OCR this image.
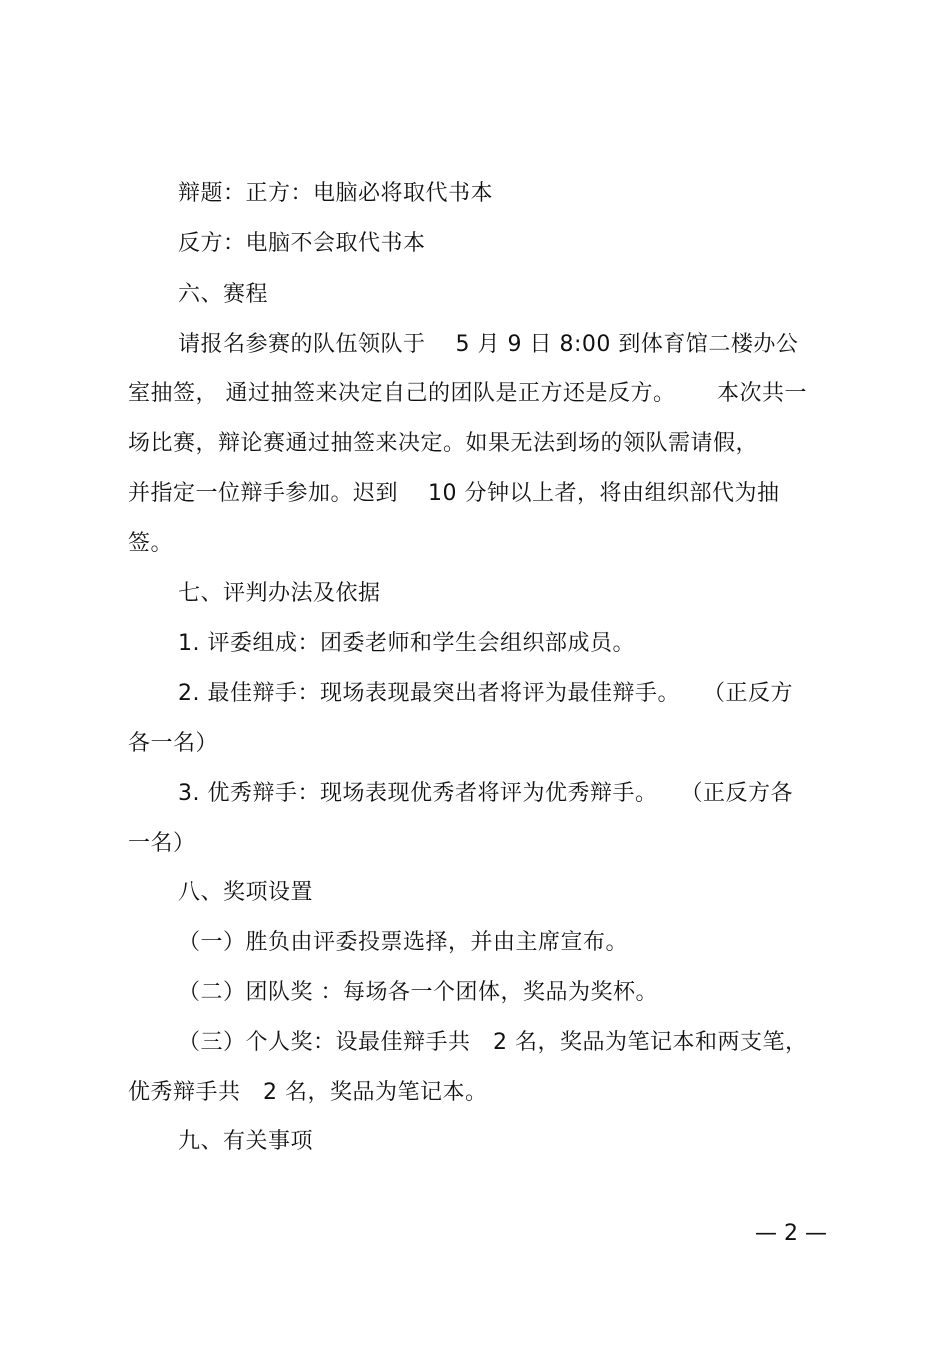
辩题：正方：电脑必将取代书本
反方：电脑不会取代书本
六、赛程
请报名参赛的队伍领队于　 5 月 9 日 8:00 到体育馆二楼办公
室抽签， 通过抽签来决定自己的团队是正方还是反方。　　 本次共一
场比赛，辩论赛通过抽签来决定。如果无法到场的领队需请假，
并指定一位辩手参加。迟到　 10 分钟以上者，将由组织部代为抽
签。
七、评判办法及依据
1. 评委组成：团委老师和学生会组织部成员。
2. 最佳辩手：现场表现最突出者将评为最佳辩手。　　（正反方
各一名）
3. 优秀辩手：现场表现优秀者将评为优秀辩手。　　（正反方各
一名）
八、奖项设置
（一）胜负由评委投票选择，并由主席宣布。
（二）团队奖 ：每场各一个团体，奖品为奖杯。
（三）个人奖：设最佳辩手共　2 名，奖品为笔记本和两支笔，
优秀辩手共　2 名，奖品为笔记本。
九、有关事项
— 2 —
